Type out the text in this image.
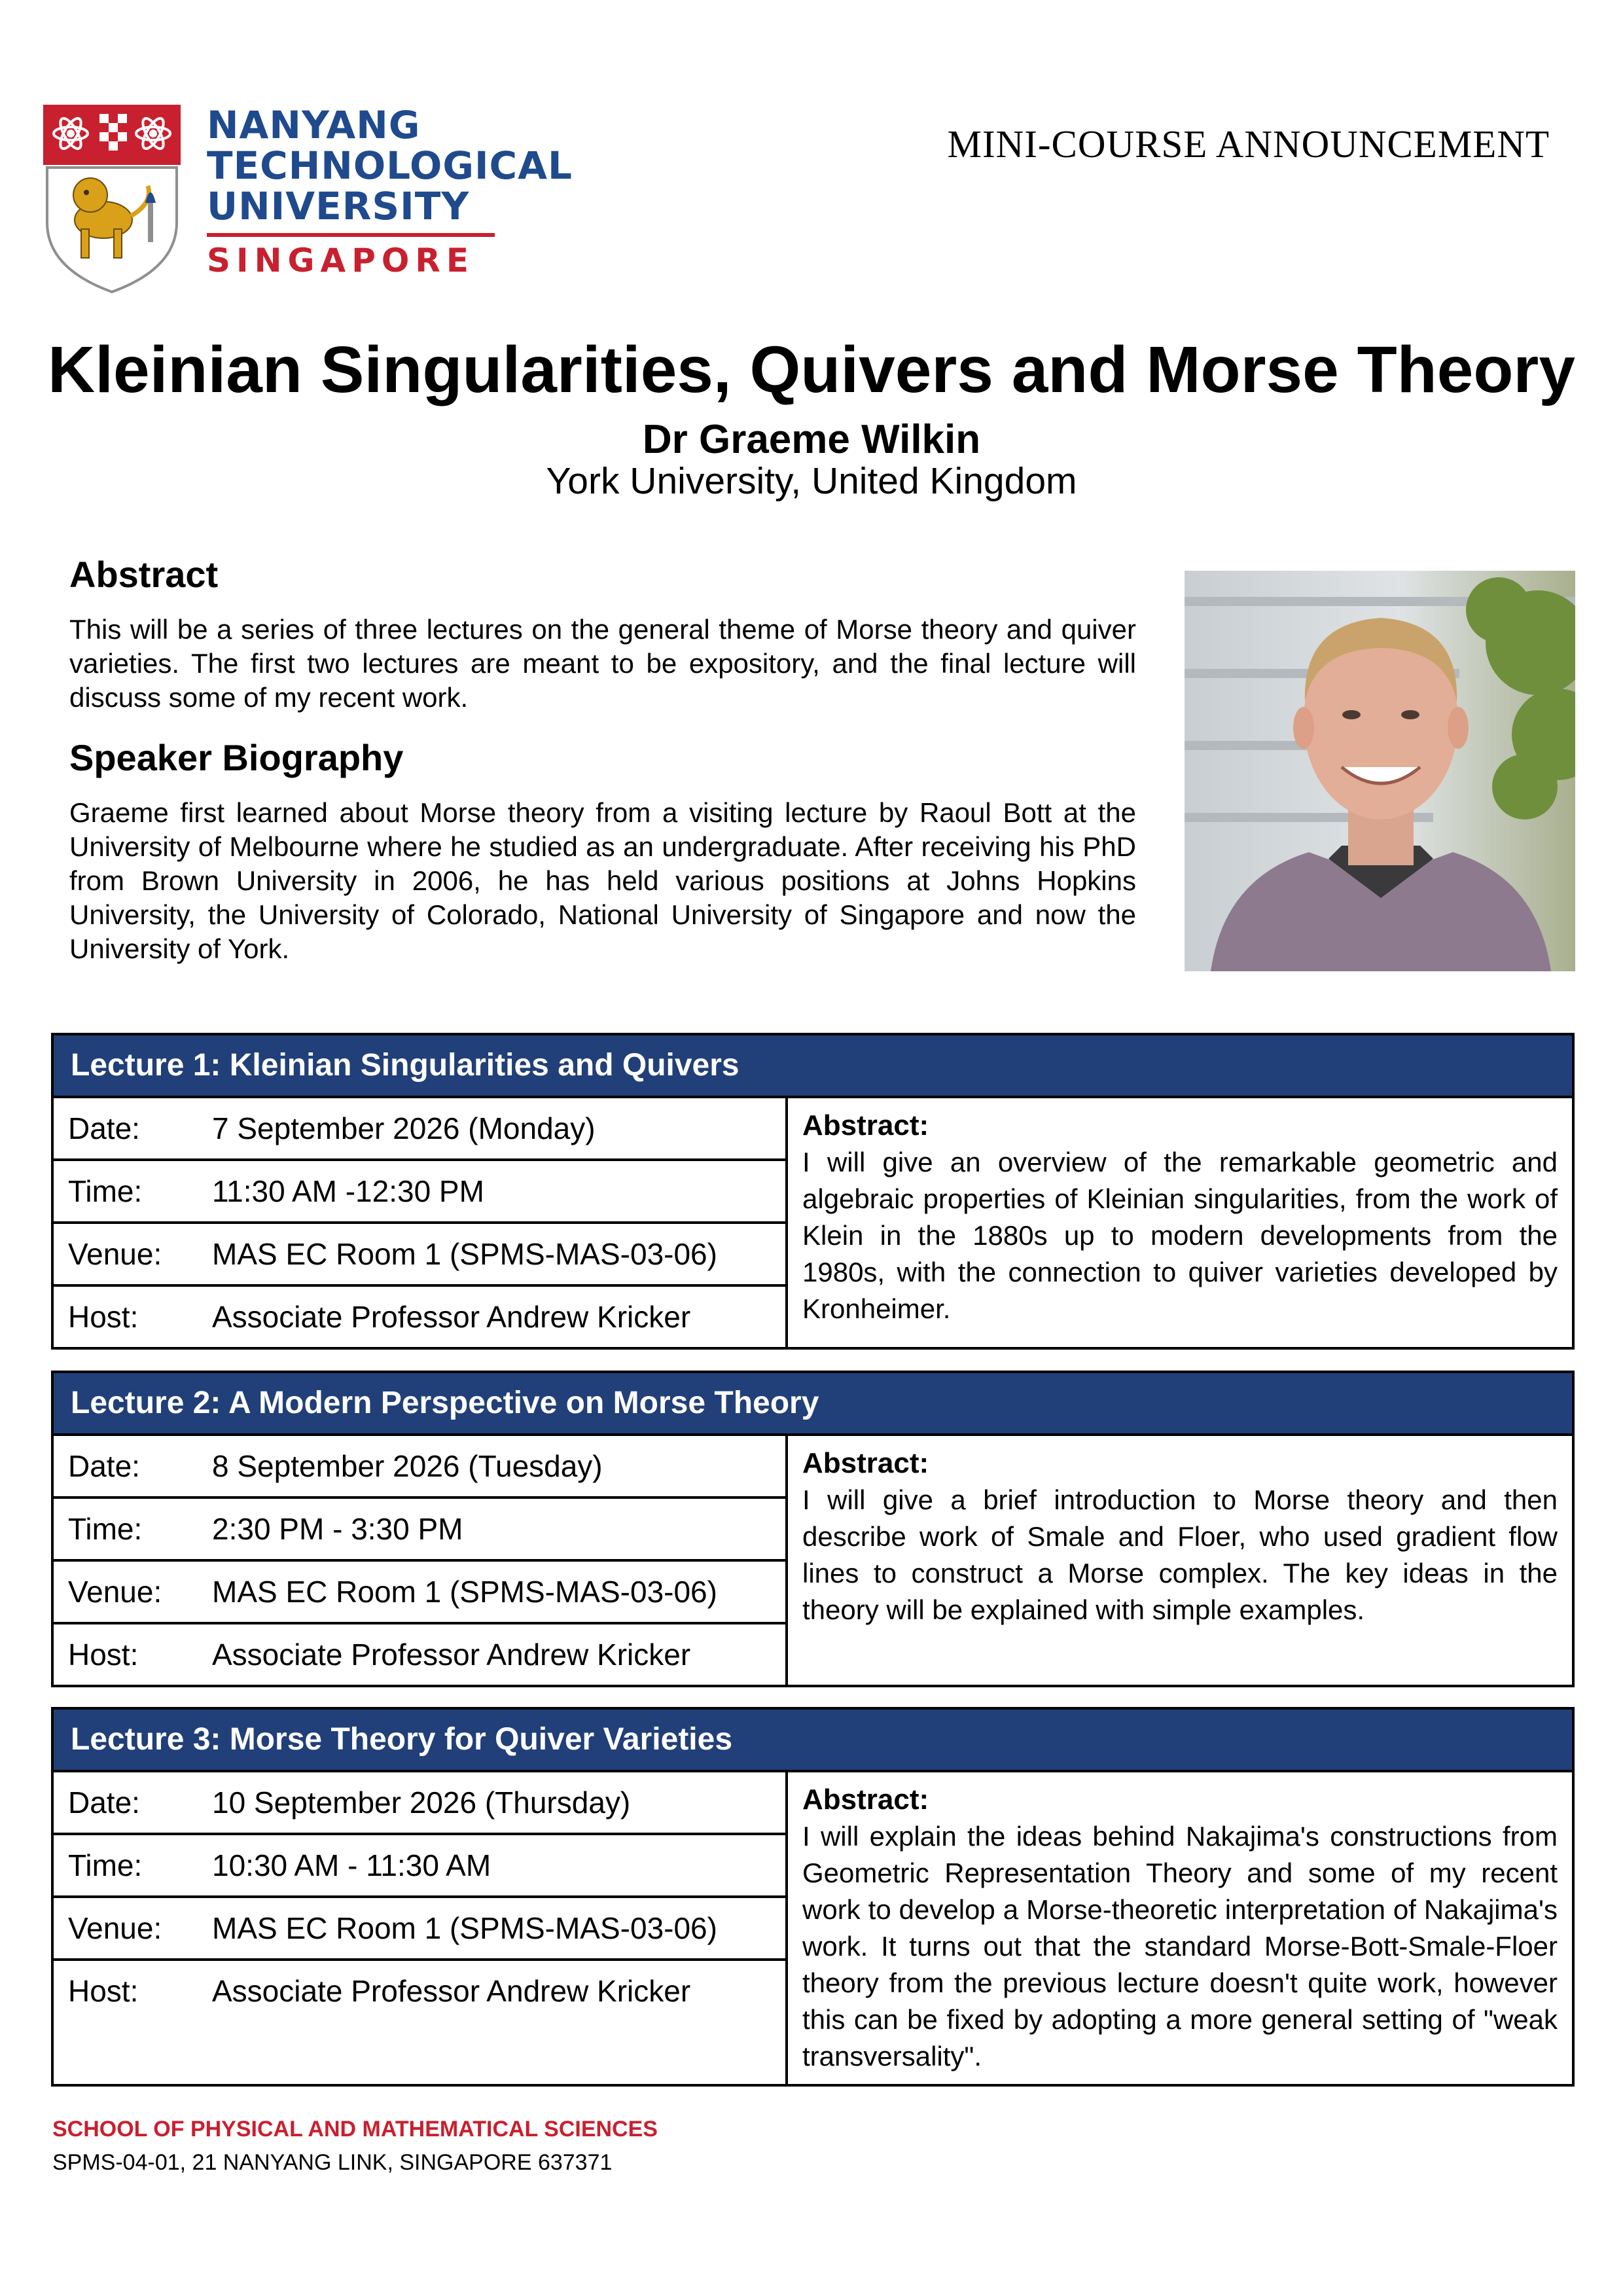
NANYANG
TECHNOLOGICAL
UNIVERSITY
SINGAPORE
MINI-COURSE ANNOUNCEMENT
Kleinian Singularities, Quivers and Morse Theory
Dr Graeme Wilkin
York University, United Kingdom
Abstract

This will be a series of three lectures on the general theme of Morse theory and quiver varieties. The first two lectures are meant to be expository, and the final lecture will discuss some of my recent work.

Speaker Biography

Graeme first learned about Morse theory from a visiting lecture by Raoul Bott at the University of Melbourne where he studied as an undergraduate. After receiving his PhD from Brown University in 2006, he has held various positions at Johns Hopkins University, the University of Colorado, National University of Singapore and now the University of York.

Lecture 1: Kleinian Singularities and Quivers
Date:	7 September 2026 (Monday)
Time:	11:30 AM -12:30 PM
Venue:	MAS EC Room 1 (SPMS-MAS-03-06)
Host:	Associate Professor Andrew Kricker
Abstract:
I will give an overview of the remarkable geometric and algebraic properties of Kleinian singularities, from the work of Klein in the 1880s up to modern developments from the 1980s, with the connection to quiver varieties developed by Kronheimer.
Lecture 2: A Modern Perspective on Morse Theory
Date:	8 September 2026 (Tuesday)
Time:	2:30 PM - 3:30 PM
Venue:	MAS EC Room 1 (SPMS-MAS-03-06)
Host:	Associate Professor Andrew Kricker
Abstract:
I will give a brief introduction to Morse theory and then describe work of Smale and Floer, who used gradient flow lines to construct a Morse complex. The key ideas in the theory will be explained with simple examples.
Lecture 3: Morse Theory for Quiver Varieties
Date:	10 September 2026 (Thursday)
Time:	10:30 AM - 11:30 AM
Venue:	MAS EC Room 1 (SPMS-MAS-03-06)
Host:	Associate Professor Andrew Kricker
Abstract:
I will explain the ideas behind Nakajima's constructions from Geometric Representation Theory and some of my recent work to develop a Morse-theoretic interpretation of Nakajima's work. It turns out that the standard Morse-Bott-Smale-Floer theory from the previous lecture doesn't quite work, however this can be fixed by adopting a more general setting of "weak transversality".
SCHOOL OF PHYSICAL AND MATHEMATICAL SCIENCES
SPMS-04-01, 21 NANYANG LINK, SINGAPORE 637371
